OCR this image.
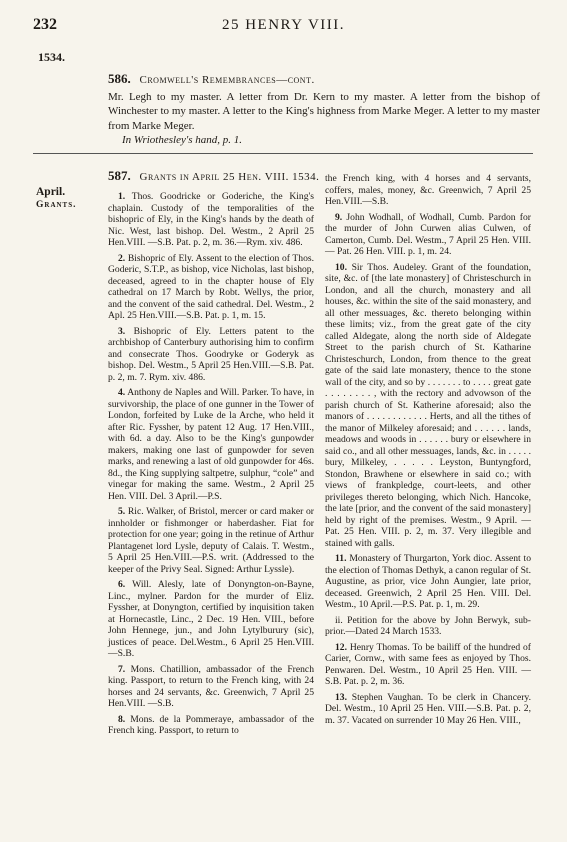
232	25 HENRY VIII.
1534.
586. Cromwell's Remembrances—cont.

Mr. Legh to my master. A letter from Dr. Kern to my master. A letter from the bishop of Winchester to my master. A letter to the King's highness from Marke Meger. A letter to my master from Marke Meger.

In Wriothesley's hand, p. 1.

587. Grants in April 25 Hen. VIII. 1534.
April.
Grants.

1. Thos. Goodricke or Goderiche, the King's chaplain. Custody of the temporalities of the bishopric of Ely, in the King's hands by the death of Nic. West, last bishop. Del. Westm., 2 April 25 Hen.VIII. —S.B. Pat. p. 2, m. 36.—Rym. xiv. 486.

2. Bishopric of Ely. Assent to the election of Thos. Goderic, S.T.P., as bishop, vice Nicholas, last bishop, deceased, agreed to in the chapter house of Ely cathedral on 17 March by Robt. Wellys, the prior, and the convent of the said cathedral. Del. Westm., 2 Apl. 25 Hen.VIII.—S.B. Pat. p. 1, m. 15.

3. Bishopric of Ely. Letters patent to the archbishop of Canterbury authorising him to confirm and consecrate Thos. Goodryke or Goderyk as bishop. Del. Westm., 5 April 25 Hen.VIII.—S.B. Pat. p. 2, m. 7. Rym. xiv. 486.

4. Anthony de Naples and Will. Parker. To have, in survivorship, the place of one gunner in the Tower of London, forfeited by Luke de la Arche, who held it after Ric. Fyssher, by patent 12 Aug. 17 Hen.VIII., with 6d. a day. Also to be the King's gunpowder makers, making one last of gunpowder for seven marks, and renewing a last of old gunpowder for 46s. 8d., the King supplying saltpetre, sulphur, “cole” and vinegar for making the same. Westm., 2 April 25 Hen. VIII. Del. 3 April.—P.S.

5. Ric. Walker, of Bristol, mercer or card maker or innholder or fishmonger or haberdasher. Fiat for protection for one year; going in the retinue of Arthur Plantagenet lord Lysle, deputy of Calais. T. Westm., 5 April 25 Hen.VIII.—P.S. writ. (Addressed to the keeper of the Privy Seal. Signed: Arthur Lyssle).

6. Will. Alesly, late of Donyngton-on-Bayne, Linc., mylner. Pardon for the murder of Eliz. Fyssher, at Donyngton, certified by inquisition taken at Hornecastle, Linc., 2 Dec. 19 Hen. VIII., before John Hennege, jun., and John Lytylburury (sic), justices of peace. Del.Westm., 6 April 25 Hen.VIII.—S.B.

7. Mons. Chatillion, ambassador of the French king. Passport, to return to the French king, with 24 horses and 24 servants, &c. Greenwich, 7 April 25 Hen.VIII. —S.B.

8. Mons. de la Pommeraye, ambassador of the French king. Passport, to return to

the French king, with 4 horses and 4 servants, coffers, males, money, &c. Greenwich, 7 April 25 Hen.VIII.—S.B.

9. John Wodhall, of Wodhall, Cumb. Pardon for the murder of John Curwen alias Culwen, of Camerton, Cumb. Del. Westm., 7 April 25 Hen. VIII. — Pat. 26 Hen. VIII. p. 1, m. 24.

10. Sir Thos. Audeley. Grant of the foundation, site, &c. of [the late monastery] of Christeschurch in London, and all the church, monastery and all houses, &c. within the site of the said monastery, and all other messuages, &c. thereto belonging within these limits; viz., from the great gate of the city called Aldegate, along the north side of Aldegate Street to the parish church of St. Katharine Christeschurch, London, from thence to the great gate of the said late monastery, thence to the stone wall of the city, and so by . . . . . . . to . . . . great gate . . . . . . . . , with the rectory and advowson of the parish church of St. Katherine aforesaid; also the manors of . . . . . . . . . . . . Herts, and all the tithes of the manor of Milkeley aforesaid; and . . . . . . lands, meadows and woods in . . . . . . bury or elsewhere in said co., and all other messuages, lands, &c. in . . . . . bury, Milkeley, . . . . . Leyston, Buntyngford, Stondon, Brawhene or elsewhere in said co.; with views of frankpledge, court-leets, and other privileges thereto belonging, which Nich. Hancoke, the late [prior, and the convent of the said monastery] held by right of the premises. Westm., 9 April. — Pat. 25 Hen. VIII. p. 2, m. 37. Very illegible and stained with galls.

11. Monastery of Thurgarton, York dioc. Assent to the election of Thomas Dethyk, a canon regular of St. Augustine, as prior, vice John Aungier, late prior, deceased. Greenwich, 2 April 25 Hen. VIII. Del. Westm., 10 April.—P.S. Pat. p. 1, m. 29.

ii. Petition for the above by John Berwyk, sub-prior.—Dated 24 March 1533.

12. Henry Thomas. To be bailiff of the hundred of Carier, Cornw., with same fees as enjoyed by Thos. Penwaren. Del. Westm., 10 April 25 Hen. VIII. — S.B. Pat. p. 2, m. 36.

13. Stephen Vaughan. To be clerk in Chancery. Del. Westm., 10 April 25 Hen. VIII.—S.B. Pat. p. 2, m. 37. Vacated on surrender 10 May 26 Hen. VIII.,
